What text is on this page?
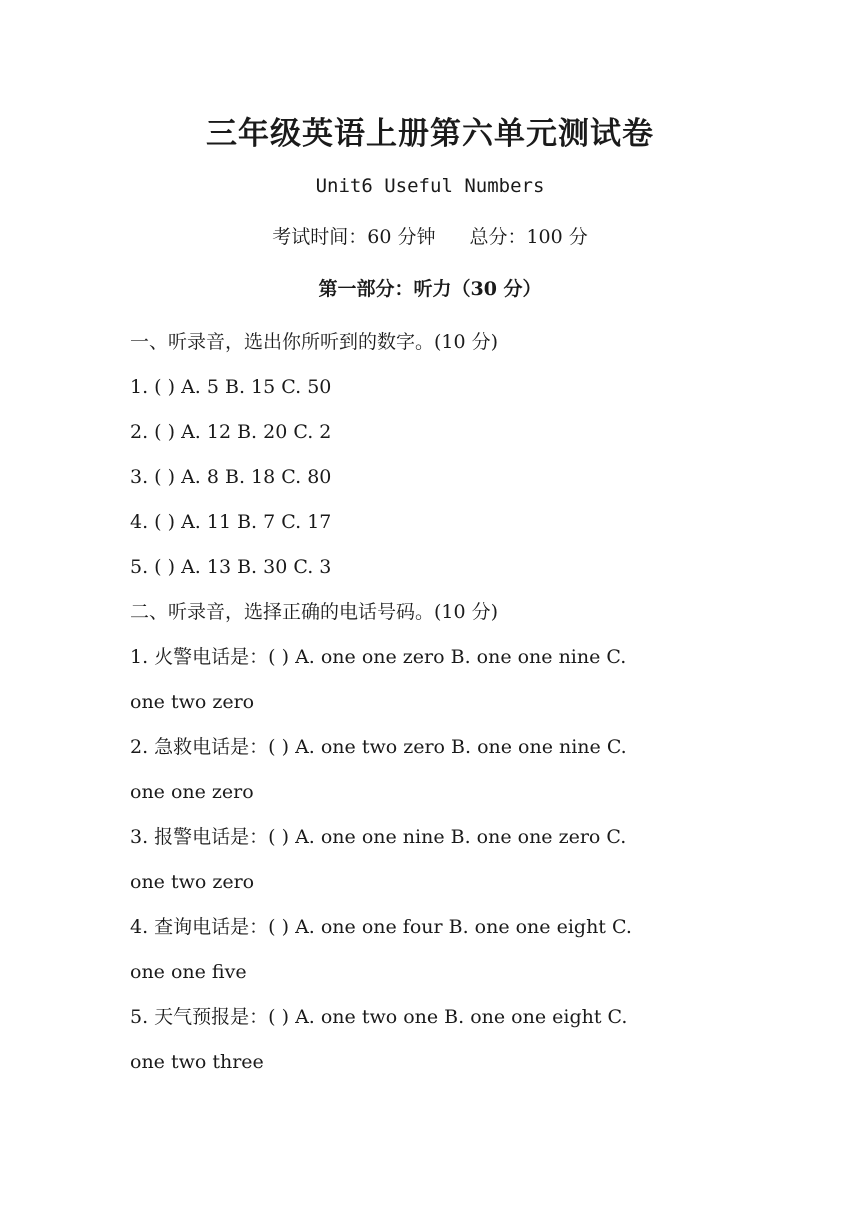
三年级英语上册第六单元测试卷
Unit6 Useful Numbers
考试时间：60 分钟 总分：100 分
第一部分：听力（30 分）
一、听录音，选出你所听到的数字。(10 分)
1. ( ) A. 5 B. 15 C. 50
2. ( ) A. 12 B. 20 C. 2
3. ( ) A. 8 B. 18 C. 80
4. ( ) A. 11 B. 7 C. 17
5. ( ) A. 13 B. 30 C. 3
二、听录音，选择正确的电话号码。(10 分)
1. 火警电话是：( ) A. one one zero B. one one nine C.
one two zero
2. 急救电话是：( ) A. one two zero B. one one nine C.
one one zero
3. 报警电话是：( ) A. one one nine B. one one zero C.
one two zero
4. 查询电话是：( ) A. one one four B. one one eight C.
one one five
5. 天气预报是：( ) A. one two one B. one one eight C.
one two three
